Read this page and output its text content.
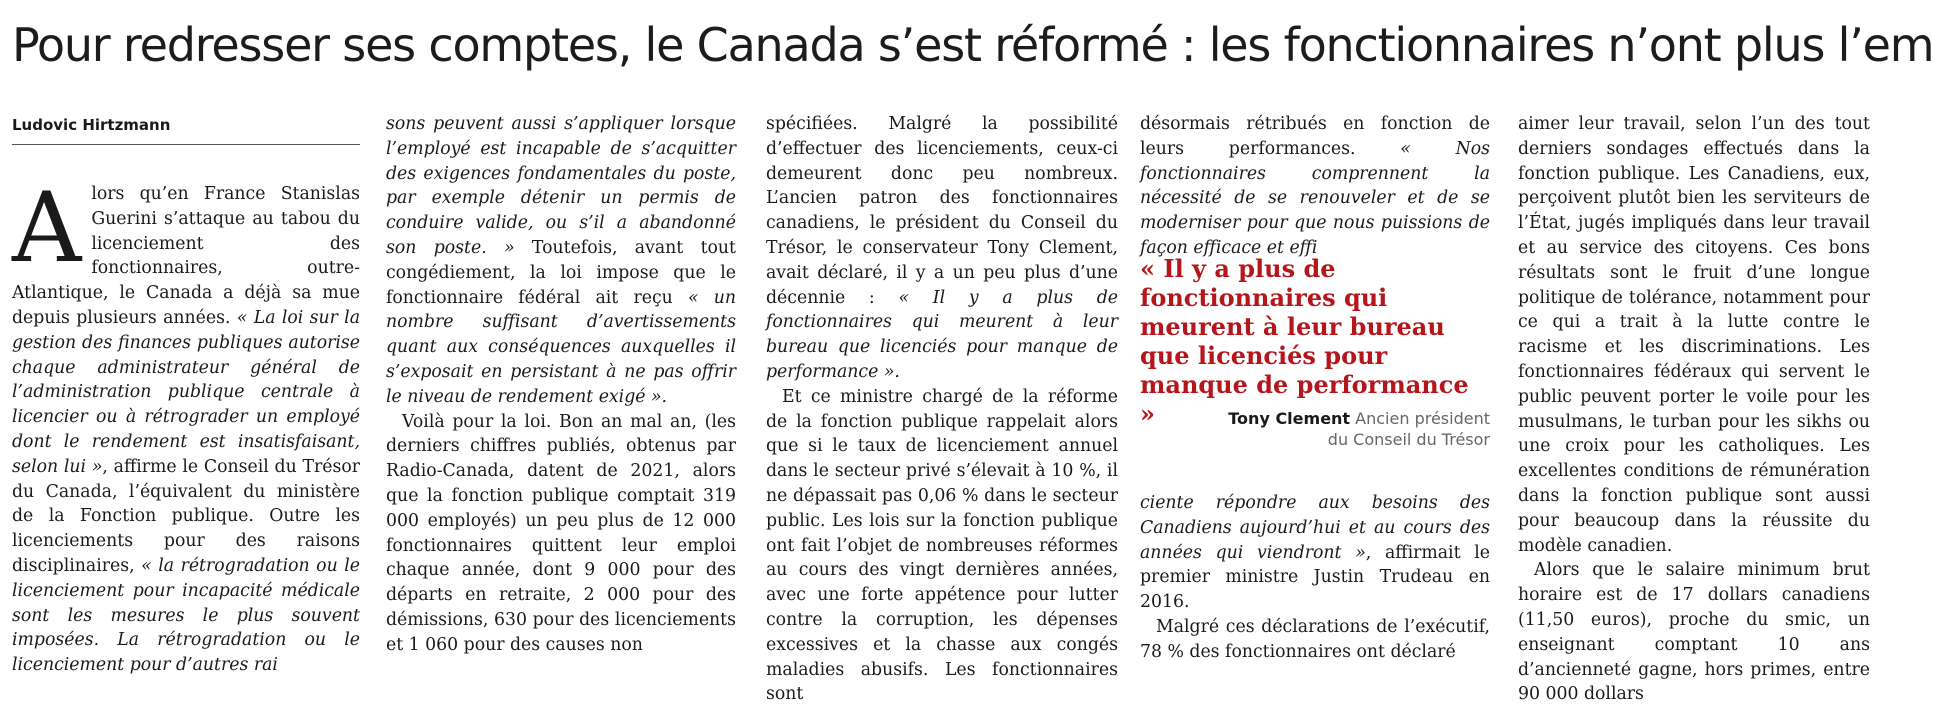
Pour redresser ses comptes, le Canada s’est réformé : les fonctionnaires n’ont plus l’em
Ludovic Hirtzmann

Alors qu’en France Stanislas Guerini s’attaque au tabou du licenciement des fonctionnaires, outre-Atlantique, le Canada a déjà sa mue depuis plusieurs années. « La loi sur la gestion des finances publiques autorise chaque administrateur général de l’administration publique centrale à licencier ou à rétrograder un employé dont le rendement est insatisfaisant, selon lui », affirme le Conseil du Trésor du Canada, l’équivalent du ministère de la Fonction publique. Outre les licenciements pour des raisons disciplinaires, « la rétrogradation ou le licenciement pour incapacité médicale sont les mesures le plus souvent imposées. La rétrogradation ou le licenciement pour d’autres rai

sons peuvent aussi s’appliquer lorsque l’employé est incapable de s’acquitter des exigences fondamentales du poste, par exemple détenir un permis de conduire valide, ou s’il a abandonné son poste. » Toutefois, avant tout congédiement, la loi impose que le fonctionnaire fédéral ait reçu « un nombre suffisant d’avertissements quant aux conséquences auxquelles il s’exposait en persistant à ne pas offrir le niveau de rendement exigé ».

Voilà pour la loi. Bon an mal an, (les derniers chiffres publiés, obtenus par Radio-Canada, datent de 2021, alors que la fonction publique comptait 319 000 employés) un peu plus de 12 000 fonctionnaires quittent leur emploi chaque année, dont 9 000 pour des départs en retraite, 2 000 pour des démissions, 630 pour des licenciements et 1 060 pour des causes non

spécifiées. Malgré la possibilité d’effectuer des licenciements, ceux-ci demeurent donc peu nombreux. L’ancien patron des fonctionnaires canadiens, le président du Conseil du Trésor, le conservateur Tony Clement, avait déclaré, il y a un peu plus d’une décennie : « Il y a plus de fonctionnaires qui meurent à leur bureau que licenciés pour manque de performance ».

Et ce ministre chargé de la réforme de la fonction publique rappelait alors que si le taux de licenciement annuel dans le secteur privé s’élevait à 10 %, il ne dépassait pas 0,06 % dans le secteur public. Les lois sur la fonction publique ont fait l’objet de nombreuses réformes au cours des vingt dernières années, avec une forte appétence pour lutter contre la corruption, les dépenses excessives et la chasse aux congés maladies abusifs. Les fonctionnaires sont

désormais rétribués en fonction de leurs performances. « Nos fonctionnaires comprennent la nécessité de se renouveler et de se moderniser pour que nous puissions de façon efficace et effi

« Il y a plus de fonctionnaires qui meurent à leur bureau que licenciés pour manque de performance »	Tony Clement Ancien président
du Conseil du Trésor

ciente répondre aux besoins des Canadiens aujourd’hui et au cours des années qui viendront », affirmait le premier ministre Justin Trudeau en 2016.

Malgré ces déclarations de l’exécutif, 78 % des fonctionnaires ont déclaré

aimer leur travail, selon l’un des tout derniers sondages effectués dans la fonction publique. Les Canadiens, eux, perçoivent plutôt bien les serviteurs de l’État, jugés impliqués dans leur travail et au service des citoyens. Ces bons résultats sont le fruit d’une longue politique de tolérance, notamment pour ce qui a trait à la lutte contre le racisme et les discriminations. Les fonctionnaires fédéraux qui servent le public peuvent porter le voile pour les musulmans, le turban pour les sikhs ou une croix pour les catholiques. Les excellentes conditions de rémunération dans la fonction publique sont aussi pour beaucoup dans la réussite du modèle canadien.

Alors que le salaire minimum brut horaire est de 17 dollars canadiens (11,50 euros), proche du smic, un enseignant comptant 10 ans d’ancienneté gagne, hors primes, entre 90 000 dollars
